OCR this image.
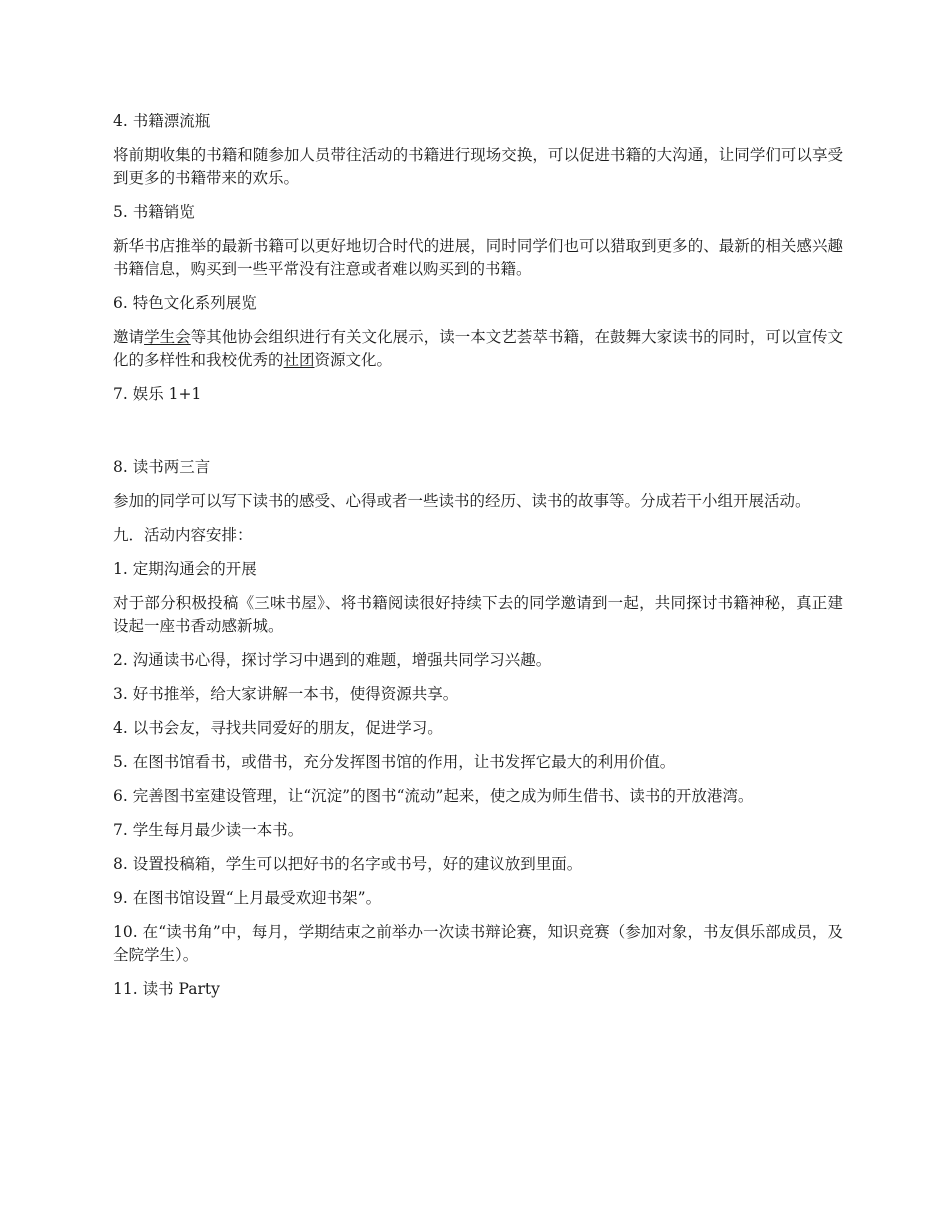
4. 书籍漂流瓶

将前期收集的书籍和随参加人员带往活动的书籍进行现场交换，可以促进书籍的大沟通，让同学们可以享受到更多的书籍带来的欢乐。

5. 书籍销览

新华书店推举的最新书籍可以更好地切合时代的进展，同时同学们也可以猎取到更多的、最新的相关感兴趣书籍信息，购买到一些平常没有注意或者难以购买到的书籍。

6. 特色文化系列展览

邀请学生会等其他协会组织进行有关文化展示，读一本文艺荟萃书籍，在鼓舞大家读书的同时，可以宣传文化的多样性和我校优秀的社团资源文化。

7. 娱乐 1+1

8. 读书两三言

参加的同学可以写下读书的感受、心得或者一些读书的经历、读书的故事等。分成若干小组开展活动。

九．活动内容安排：

1. 定期沟通会的开展

对于部分积极投稿《三味书屋》、将书籍阅读很好持续下去的同学邀请到一起，共同探讨书籍神秘，真正建设起一座书香动感新城。

2. 沟通读书心得，探讨学习中遇到的难题，增强共同学习兴趣。

3. 好书推举，给大家讲解一本书，使得资源共享。

4. 以书会友，寻找共同爱好的朋友，促进学习。

5. 在图书馆看书，或借书，充分发挥图书馆的作用，让书发挥它最大的利用价值。

6. 完善图书室建设管理，让“沉淀”的图书“流动”起来，使之成为师生借书、读书的开放港湾。

7. 学生每月最少读一本书。

8. 设置投稿箱，学生可以把好书的名字或书号，好的建议放到里面。

9. 在图书馆设置“上月最受欢迎书架”。

10. 在“读书角”中，每月，学期结束之前举办一次读书辩论赛，知识竞赛（参加对象，书友俱乐部成员，及全院学生）。

11. 读书 Party
